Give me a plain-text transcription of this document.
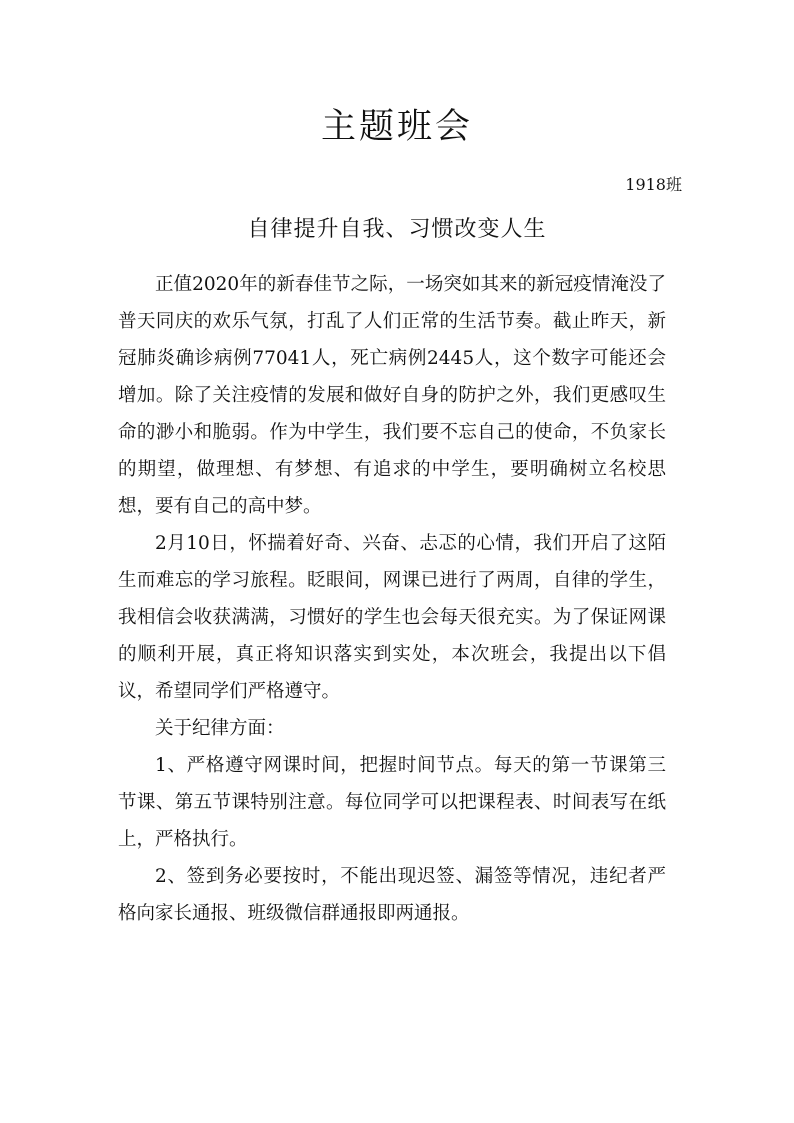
主题班会
1918班
自律提升自我、习惯改变人生

正值2020年的新春佳节之际，一场突如其来的新冠疫情淹没了普天同庆的欢乐气氛，打乱了人们正常的生活节奏。截止昨天，新冠肺炎确诊病例77041人，死亡病例2445人，这个数字可能还会增加。除了关注疫情的发展和做好自身的防护之外，我们更感叹生命的渺小和脆弱。作为中学生，我们要不忘自己的使命，不负家长的期望，做理想、有梦想、有追求的中学生，要明确树立名校思想，要有自己的高中梦。

2月10日，怀揣着好奇、兴奋、忐忑的心情，我们开启了这陌生而难忘的学习旅程。眨眼间，网课已进行了两周，自律的学生，我相信会收获满满，习惯好的学生也会每天很充实。为了保证网课的顺利开展，真正将知识落实到实处，本次班会，我提出以下倡议，希望同学们严格遵守。

关于纪律方面：

1、严格遵守网课时间，把握时间节点。每天的第一节课第三节课、第五节课特别注意。每位同学可以把课程表、时间表写在纸上，严格执行。

2、签到务必要按时，不能出现迟签、漏签等情况，违纪者严格向家长通报、班级微信群通报即两通报。
